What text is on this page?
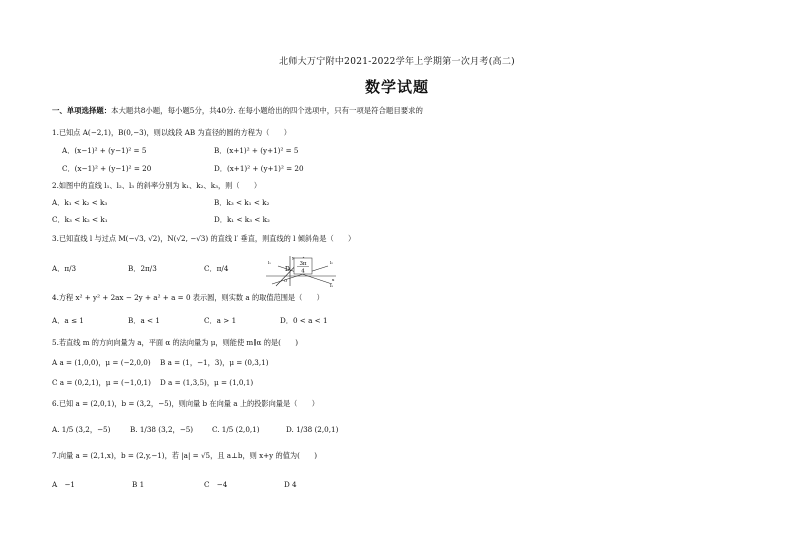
北师大万宁附中2021-2022学年上学期第一次月考(高二)
数学试题
一、单项选择题：本大题共8小题，每小题5分，共40分. 在每小题给出的四个选项中，只有一项是符合题目要求的
1.已知点 A(−2,1)，B(0,−3)，则以线段 AB 为直径的圆的方程为（　　）
A．(x−1)² + (y−1)² = 5	B．(x+1)² + (y+1)² = 5
C．(x−1)² + (y−1)² = 20	D．(x+1)² + (y+1)² = 20
2.如图中的直线 l₁、l₂、l₃ 的斜率分别为 k₁、k₂、k₃，则（　　）
A．k₁ < k₂ < k₃	B．k₃ < k₁ < k₂
C．k₃ < k₂ < k₁	D．k₁ < k₃ < k₂
3.已知直线 l 与过点 M(−√3, √2)，N(√2, −√3) 的直线 l′ 垂直，则直线的 l 倾斜角是（　　）
A．π/3	B．2π/3	C．π/4	3π
4
D
l₁	l₂
l₃
y
x
O
4.方程 x² + y² + 2ax − 2y + a² + a = 0 表示圆，则实数 a 的取值范围是（　　）
A．a ≤ 1	B．a < 1	C．a > 1	D．0 < a < 1
5.若直线 m 的方向向量为 a，平面 α 的法向量为 μ，则能使 m∥α 的是(　　)
A a = (1,0,0)，μ = (−2,0,0) B a = (1，−1，3)，μ = (0,3,1)
C a = (0,2,1)，μ = (−1,0,1) D a = (1,3,5)，μ = (1,0,1)
6.已知 a = (2,0,1)，b = (3,2，−5)，则向量 b 在向量 a 上的投影向量是（　　）
A. 1/5 (3,2，−5)	B. 1/38 (3,2，−5)	C. 1/5 (2,0,1)	D. 1/38 (2,0,1)
7.向量 a = (2,1,x)，b = (2,y,−1)，若 |a| = √5，且 a⊥b，则 x+y 的值为(　　)
A　−1	B 1	C　−4	D 4
